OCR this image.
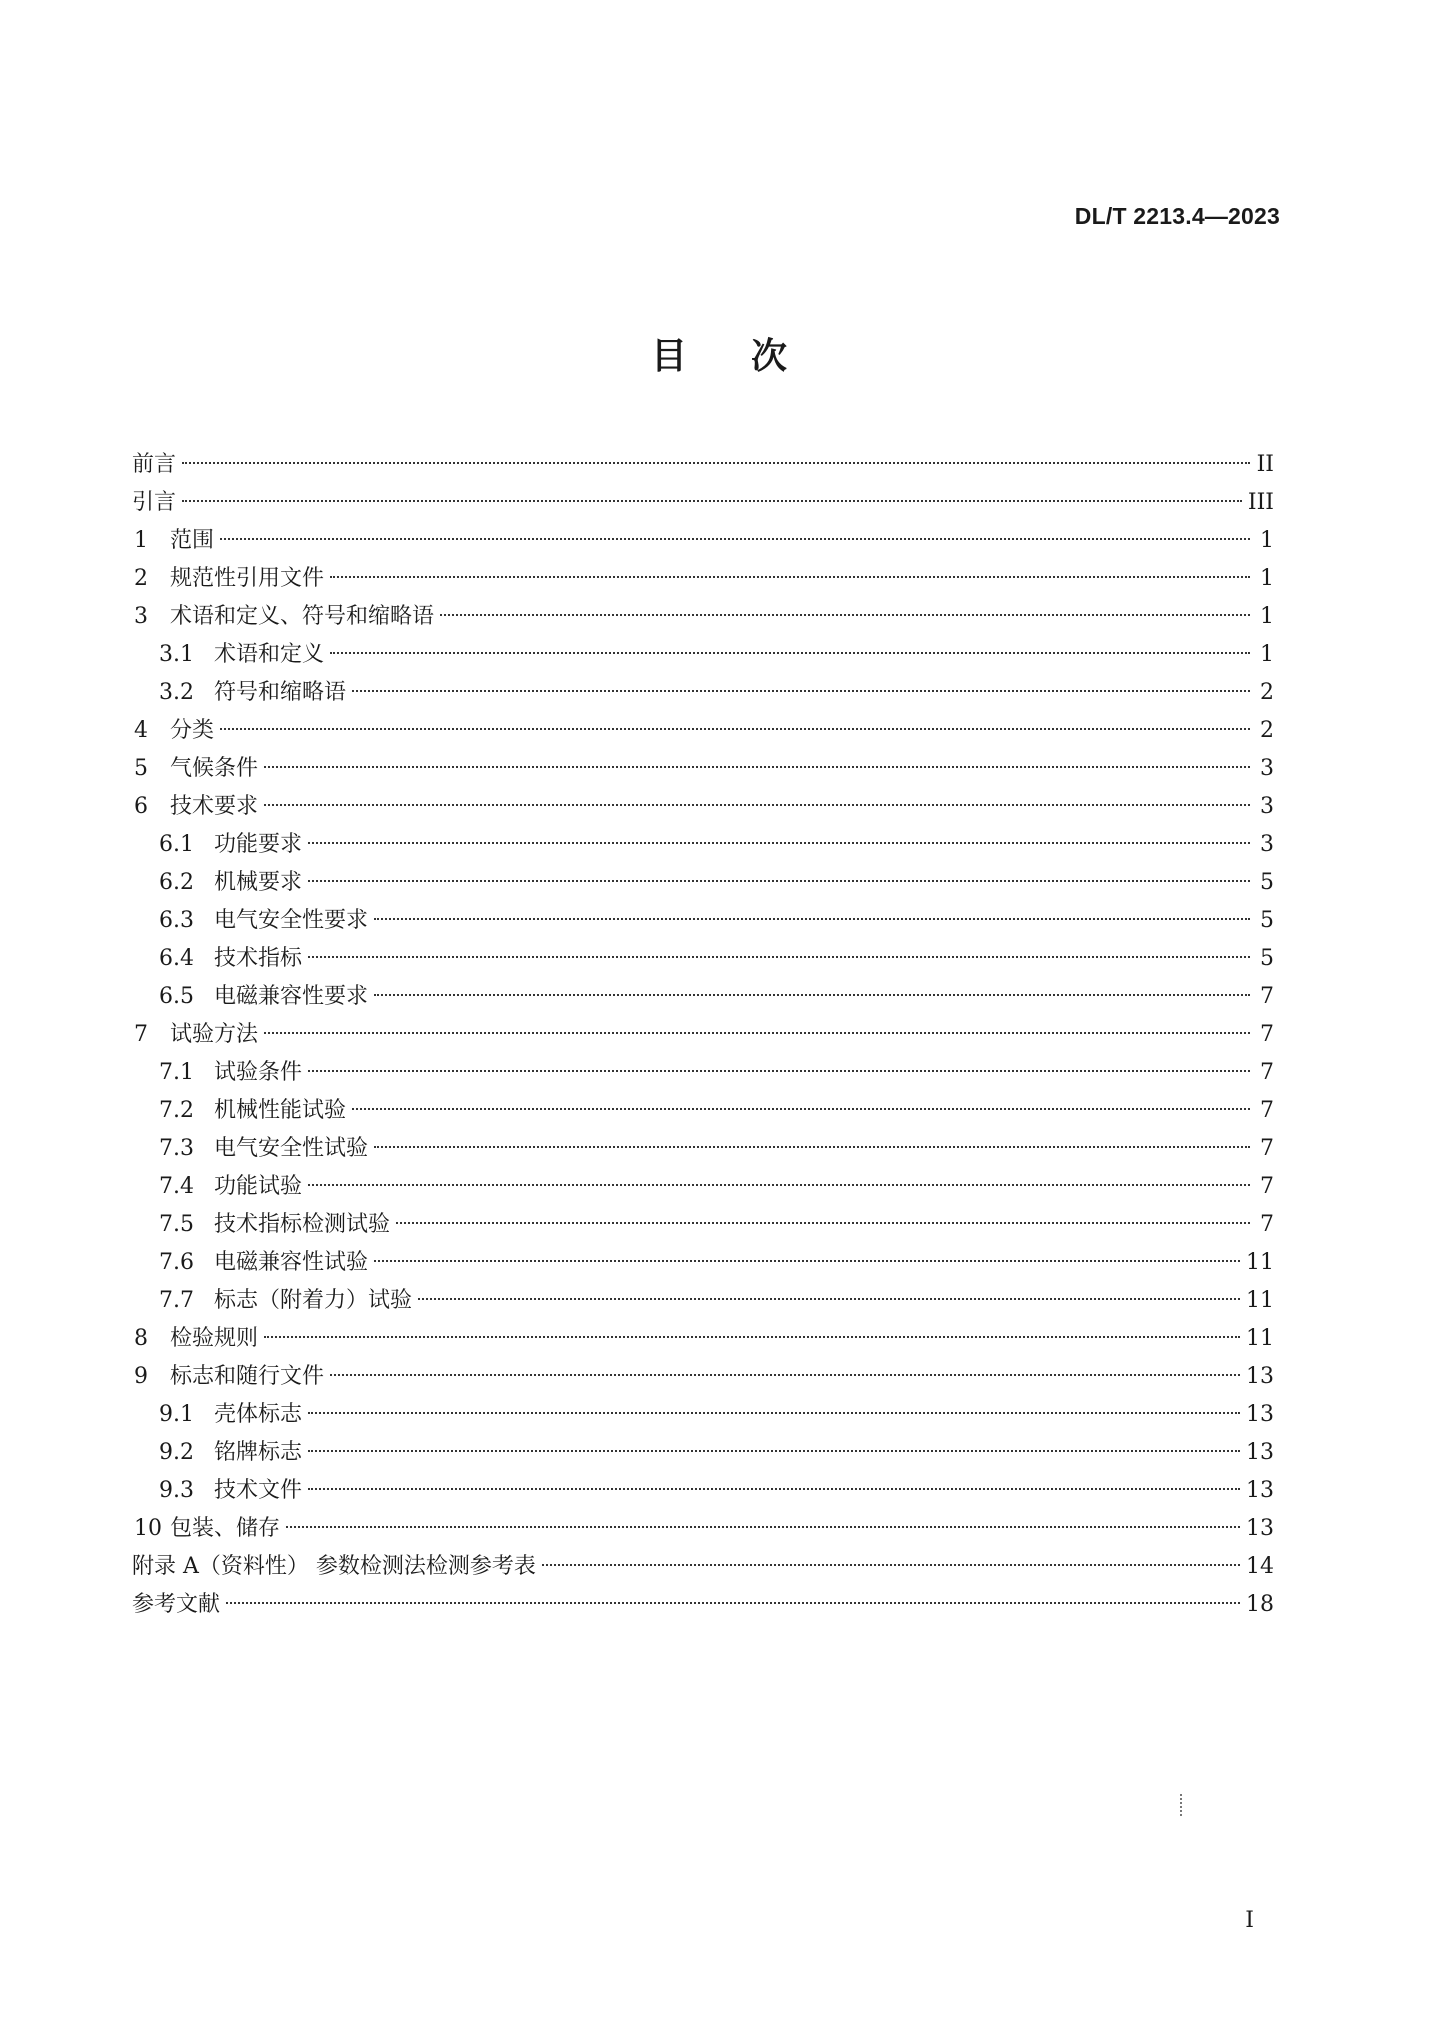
DL/T 2213.4—2023
目次
前言	II
引言	III
1	范围	1
2	规范性引用文件	1
3	术语和定义、符号和缩略语	1
3.1 术语和定义	1
3.2 符号和缩略语	2
4	分类	2
5	气候条件	3
6	技术要求	3
6.1 功能要求	3
6.2 机械要求	5
6.3 电气安全性要求	5
6.4 技术指标	5
6.5 电磁兼容性要求	7
7	试验方法	7
7.1 试验条件	7
7.2 机械性能试验	7
7.3 电气安全性试验	7
7.4 功能试验	7
7.5 技术指标检测试验	7
7.6 电磁兼容性试验	11
7.7 标志（附着力）试验	11
8	检验规则	11
9	标志和随行文件	13
9.1 壳体标志	13
9.2 铭牌标志	13
9.3 技术文件	13
10 包装、储存	13
附录 A（资料性） 参数检测法检测参考表	14
参考文献	18
I
